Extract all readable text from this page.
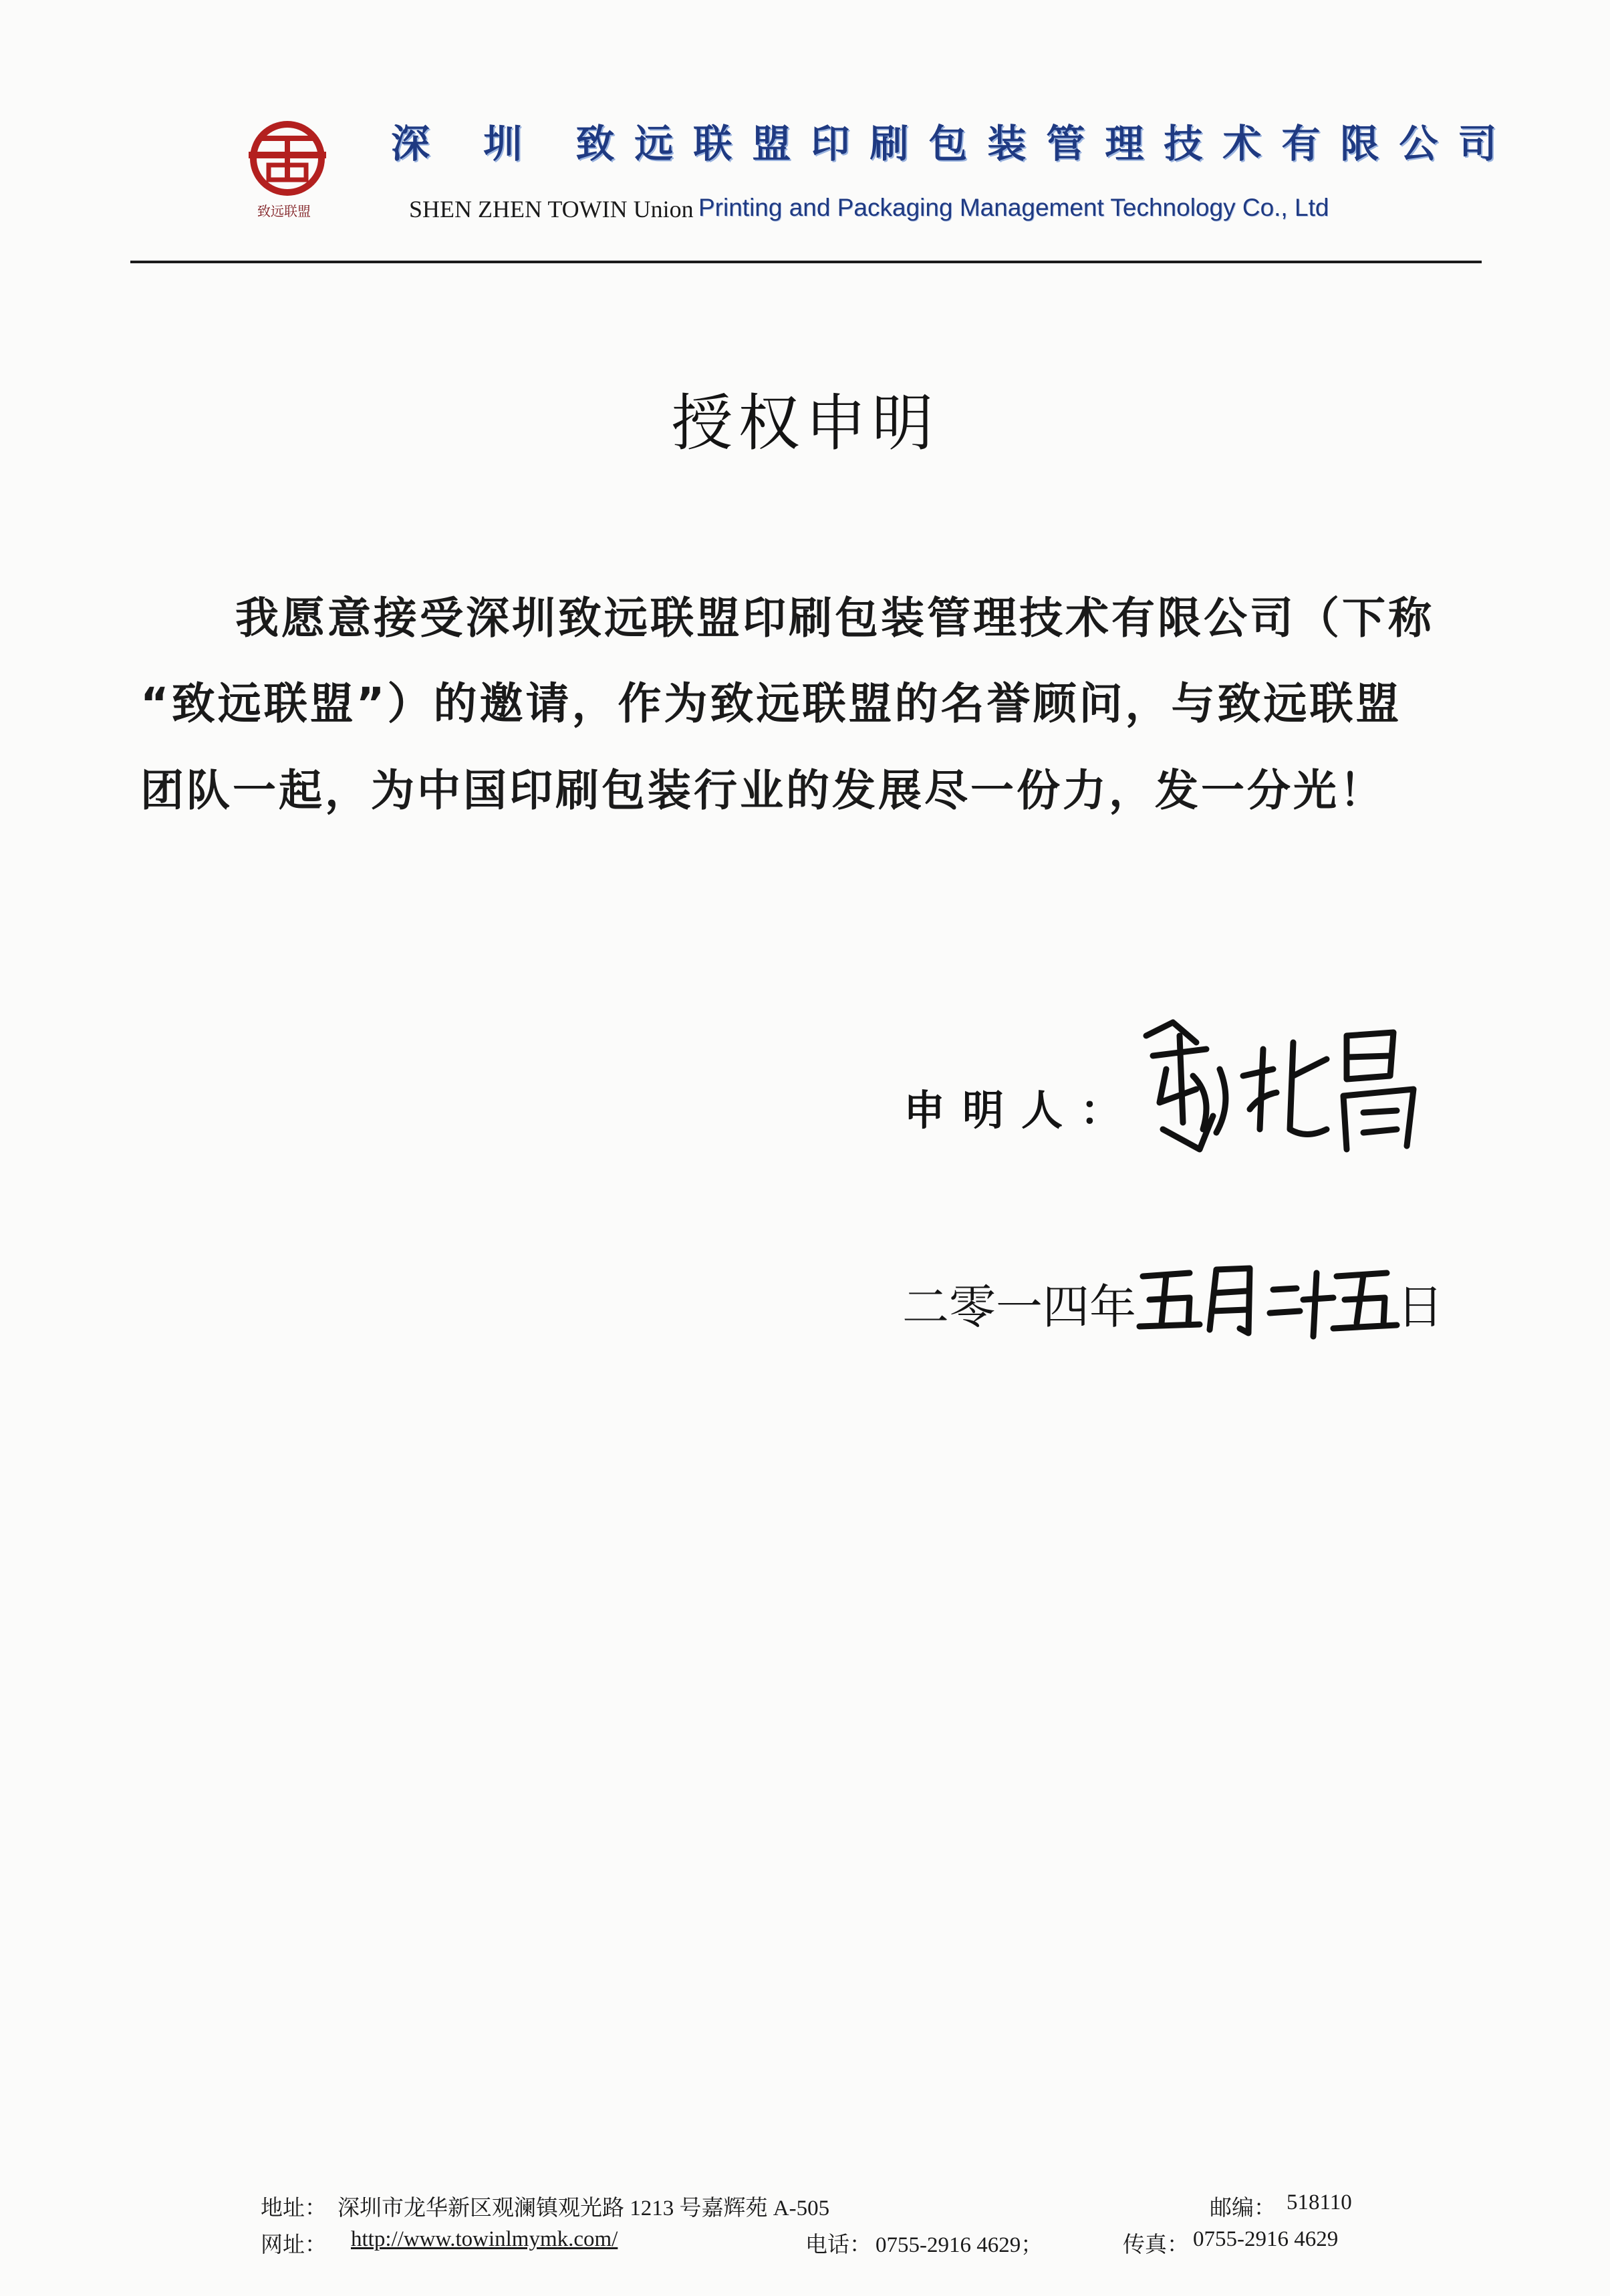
致远联盟
深 圳 致远联盟印刷包装管理技术有限公司
SHEN ZHEN TOWIN Union Printing and Packaging Management Technology Co., Ltd
授权申明
我愿意接受深圳致远联盟印刷包装管理技术有限公司（下称
“致远联盟”）的邀请，作为致远联盟的名誉顾问，与致远联盟
团队一起，为中国印刷包装行业的发展尽一份力，发一分光！
申明人：
二零一四年	日
地址： 深圳市龙华新区观澜镇观光路 1213 号嘉辉苑 A-505	邮编： 518110
网址： http://www.towinlmymk.com/	电话： 0755-2916 4629；	传真： 0755-2916 4629
